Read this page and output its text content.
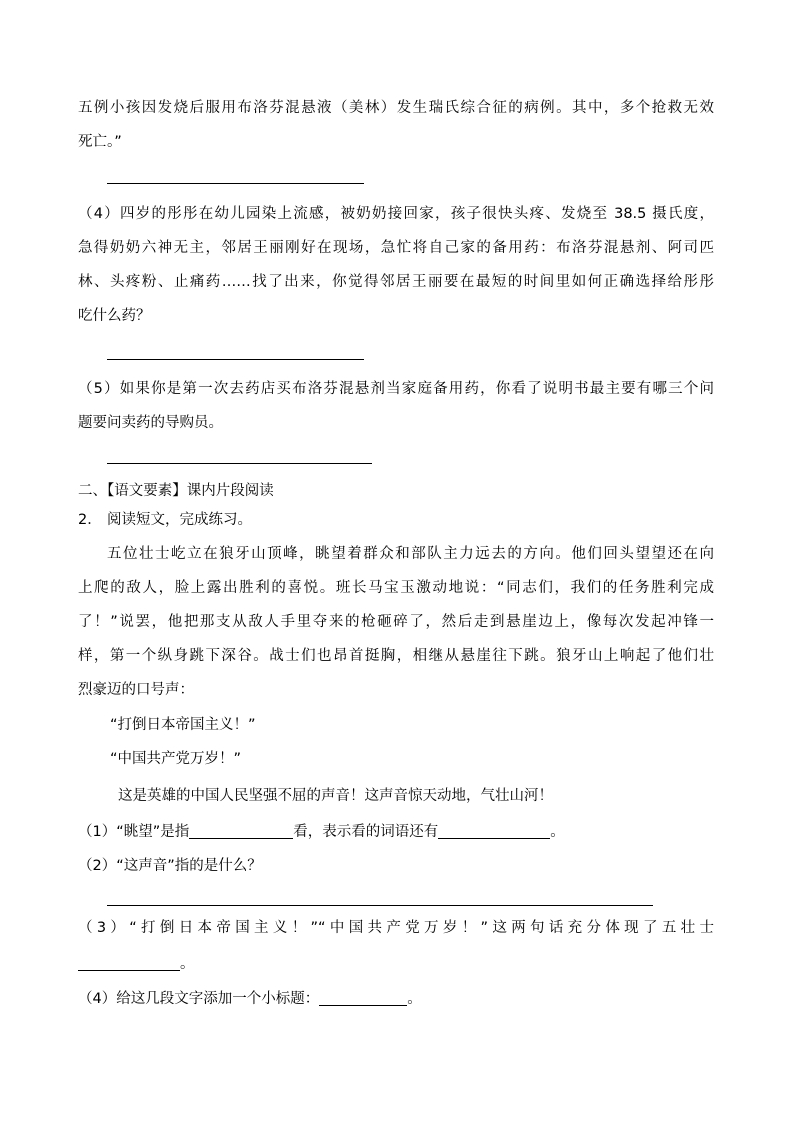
五例小孩因发烧后服用布洛芬混悬液（美林）发生瑞氏综合征的病例。其中，多个抢救无效
死亡。”
（4）四岁的彤彤在幼儿园染上流感，被奶奶接回家，孩子很快头疼、发烧至 38.5 摄氏度，
急得奶奶六神无主，邻居王丽刚好在现场，急忙将自己家的备用药：布洛芬混悬剂、阿司匹
林、头疼粉、止痛药……找了出来，你觉得邻居王丽要在最短的时间里如何正确选择给彤彤
吃什么药？
（5）如果你是第一次去药店买布洛芬混悬剂当家庭备用药，你看了说明书最主要有哪三个问
题要问卖药的导购员。
二、【语文要素】课内片段阅读
2． 阅读短文，完成练习。
五位壮士屹立在狼牙山顶峰，眺望着群众和部队主力远去的方向。他们回头望望还在向
上爬的敌人，脸上露出胜利的喜悦。班长马宝玉激动地说：“同志们，我们的任务胜利完成
了！”说罢，他把那支从敌人手里夺来的枪砸碎了，然后走到悬崖边上，像每次发起冲锋一
样，第一个纵身跳下深谷。战士们也昂首挺胸，相继从悬崖往下跳。狼牙山上响起了他们壮
烈豪迈的口号声：
“打倒日本帝国主义！”
“中国共产党万岁！”
这是英雄的中国人民坚强不屈的声音！这声音惊天动地，气壮山河！
（1）“眺望”是指	看，表示看的词语还有	。
（2）“这声音”指的是什么？
（3）“打倒日本帝国主义！”“中国共产党万岁！”这两句话充分体现了五壮士
。
（4）给这几段文字添加一个小标题：	。
